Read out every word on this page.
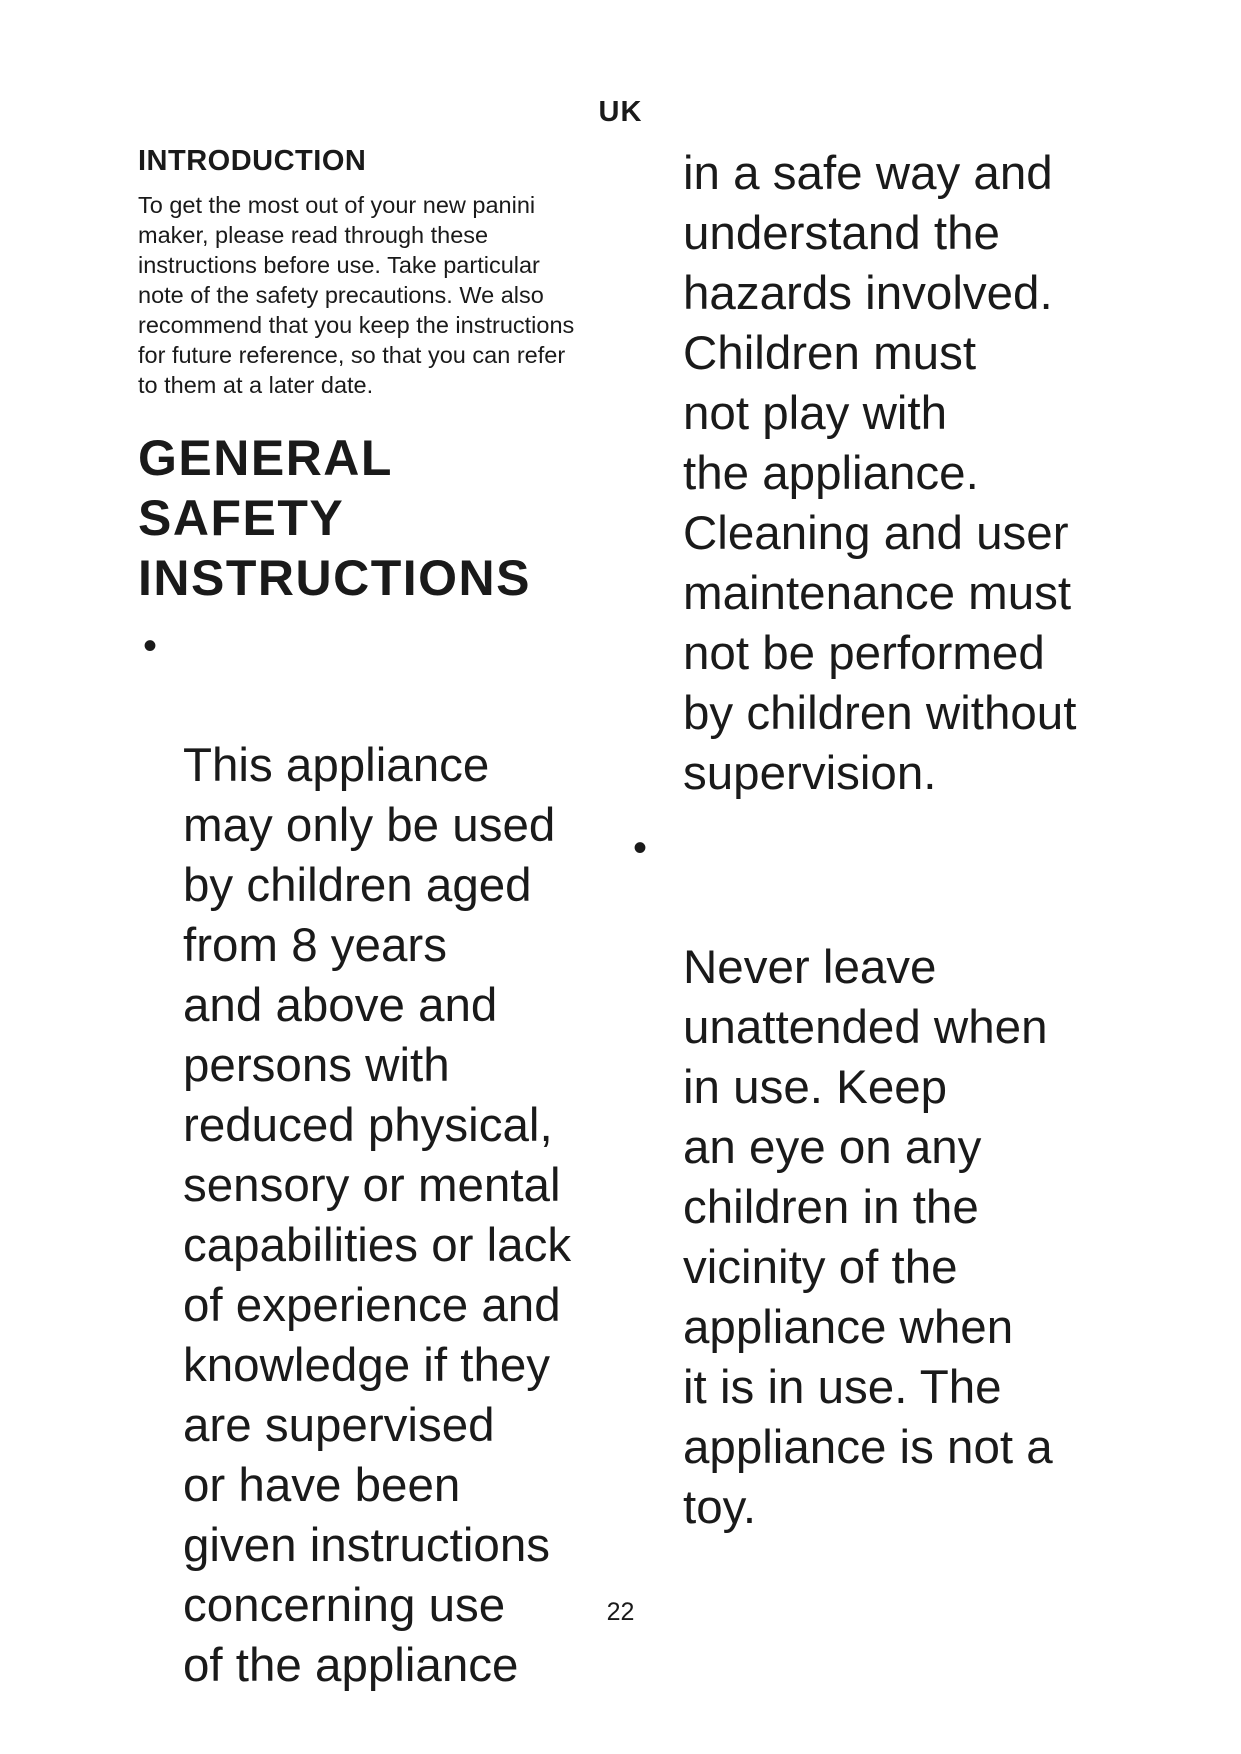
UK
INTRODUCTION

To get the most out of your new panini
maker, please read through these
instructions before use. Take particular
note of the safety precautions. We also
recommend that you keep the instructions
for future reference, so that you can refer
to them at a later date.

GENERAL
SAFETY
INSTRUCTIONS

•

This appliance
may only be used
by children aged
from 8 years
and above and
persons with
reduced physical,
sensory or mental
capabilities or lack
of experience and
knowledge if they
are supervised
or have been
given instructions
concerning use
of the appliance

in a safe way and
understand the
hazards involved.
Children must
not play with
the appliance.
Cleaning and user
maintenance must
not be performed
by children without
supervision.

•

Never leave
unattended when
in use. Keep
an eye on any
children in the
vicinity of the
appliance when
it is in use. The
appliance is not a
toy.

22
